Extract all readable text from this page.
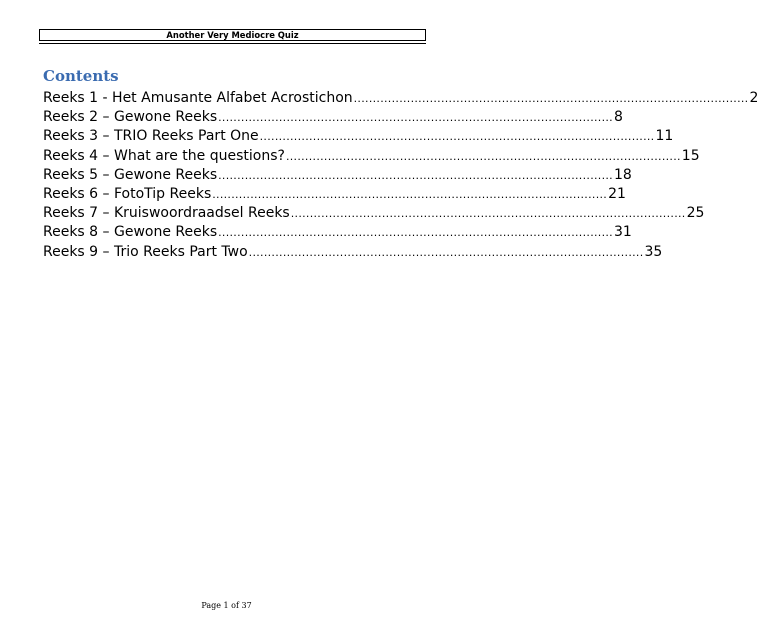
Another Very Mediocre Quiz
Contents
Reeks 1 - Het Amusante Alfabet Acrostichon ........................................................................................................ 2
Reeks 2 – Gewone Reeks ........................................................................................................ 8
Reeks 3 – TRIO Reeks Part One ........................................................................................................ 11
Reeks 4 – What are the questions? ........................................................................................................ 15
Reeks 5 – Gewone Reeks ........................................................................................................ 18
Reeks 6 – FotoTip Reeks ........................................................................................................ 21
Reeks 7 – Kruiswoordraadsel Reeks ........................................................................................................ 25
Reeks 8 – Gewone Reeks ........................................................................................................ 31
Reeks 9 – Trio Reeks Part Two ........................................................................................................ 35
Page 1 of 37
